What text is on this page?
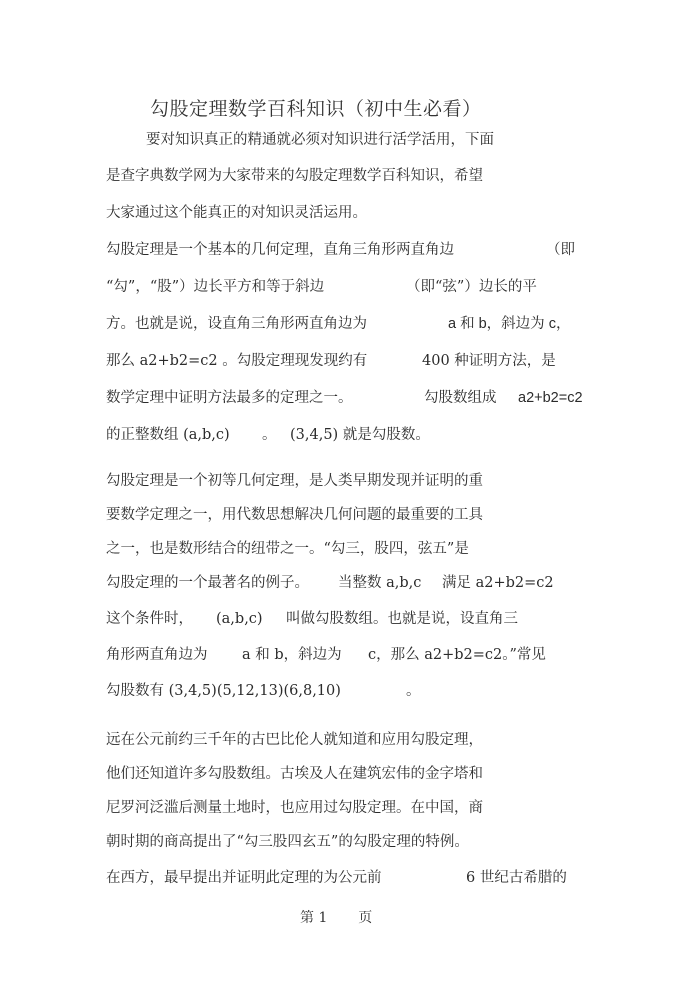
勾股定理数学百科知识（初中生必看）
要对知识真正的精通就必须对知识进行活学活用，下面
是查字典数学网为大家带来的勾股定理数学百科知识，希望
大家通过这个能真正的对知识灵活运用。
勾股定理是一个基本的几何定理，直角三角形两直角边	（即
“勾”，“股”）边长平方和等于斜边	（即“弦”）边长的平
方。也就是说，设直角三角形两直角边为	a 和 b，斜边为 c，
那么 a2+b2=c2 。勾股定理现发现约有	400 种证明方法，是
数学定理中证明方法最多的定理之一。	勾股数组成 a2+b2=c2
的正整数组 (a,b,c) 。 (3,4,5) 就是勾股数。
勾股定理是一个初等几何定理，是人类早期发现并证明的重
要数学定理之一，用代数思想解决几何问题的最重要的工具
之一，也是数形结合的纽带之一。“勾三，股四，弦五”是
勾股定理的一个最著名的例子。 当整数 a,b,c 满足 a2+b2=c2
这个条件时， (a,b,c) 叫做勾股数组。也就是说，设直角三
角形两直角边为 a 和 b，斜边为 c，那么 a2+b2=c2。”常见
勾股数有 (3,4,5)(5,12,13)(6,8,10)	。
远在公元前约三千年的古巴比伦人就知道和应用勾股定理，
他们还知道许多勾股数组。古埃及人在建筑宏伟的金字塔和
尼罗河泛滥后测量土地时，也应用过勾股定理。在中国，商
朝时期的商高提出了“勾三股四玄五”的勾股定理的特例。
在西方，最早提出并证明此定理的为公元前	6 世纪古希腊的
第 1 页
